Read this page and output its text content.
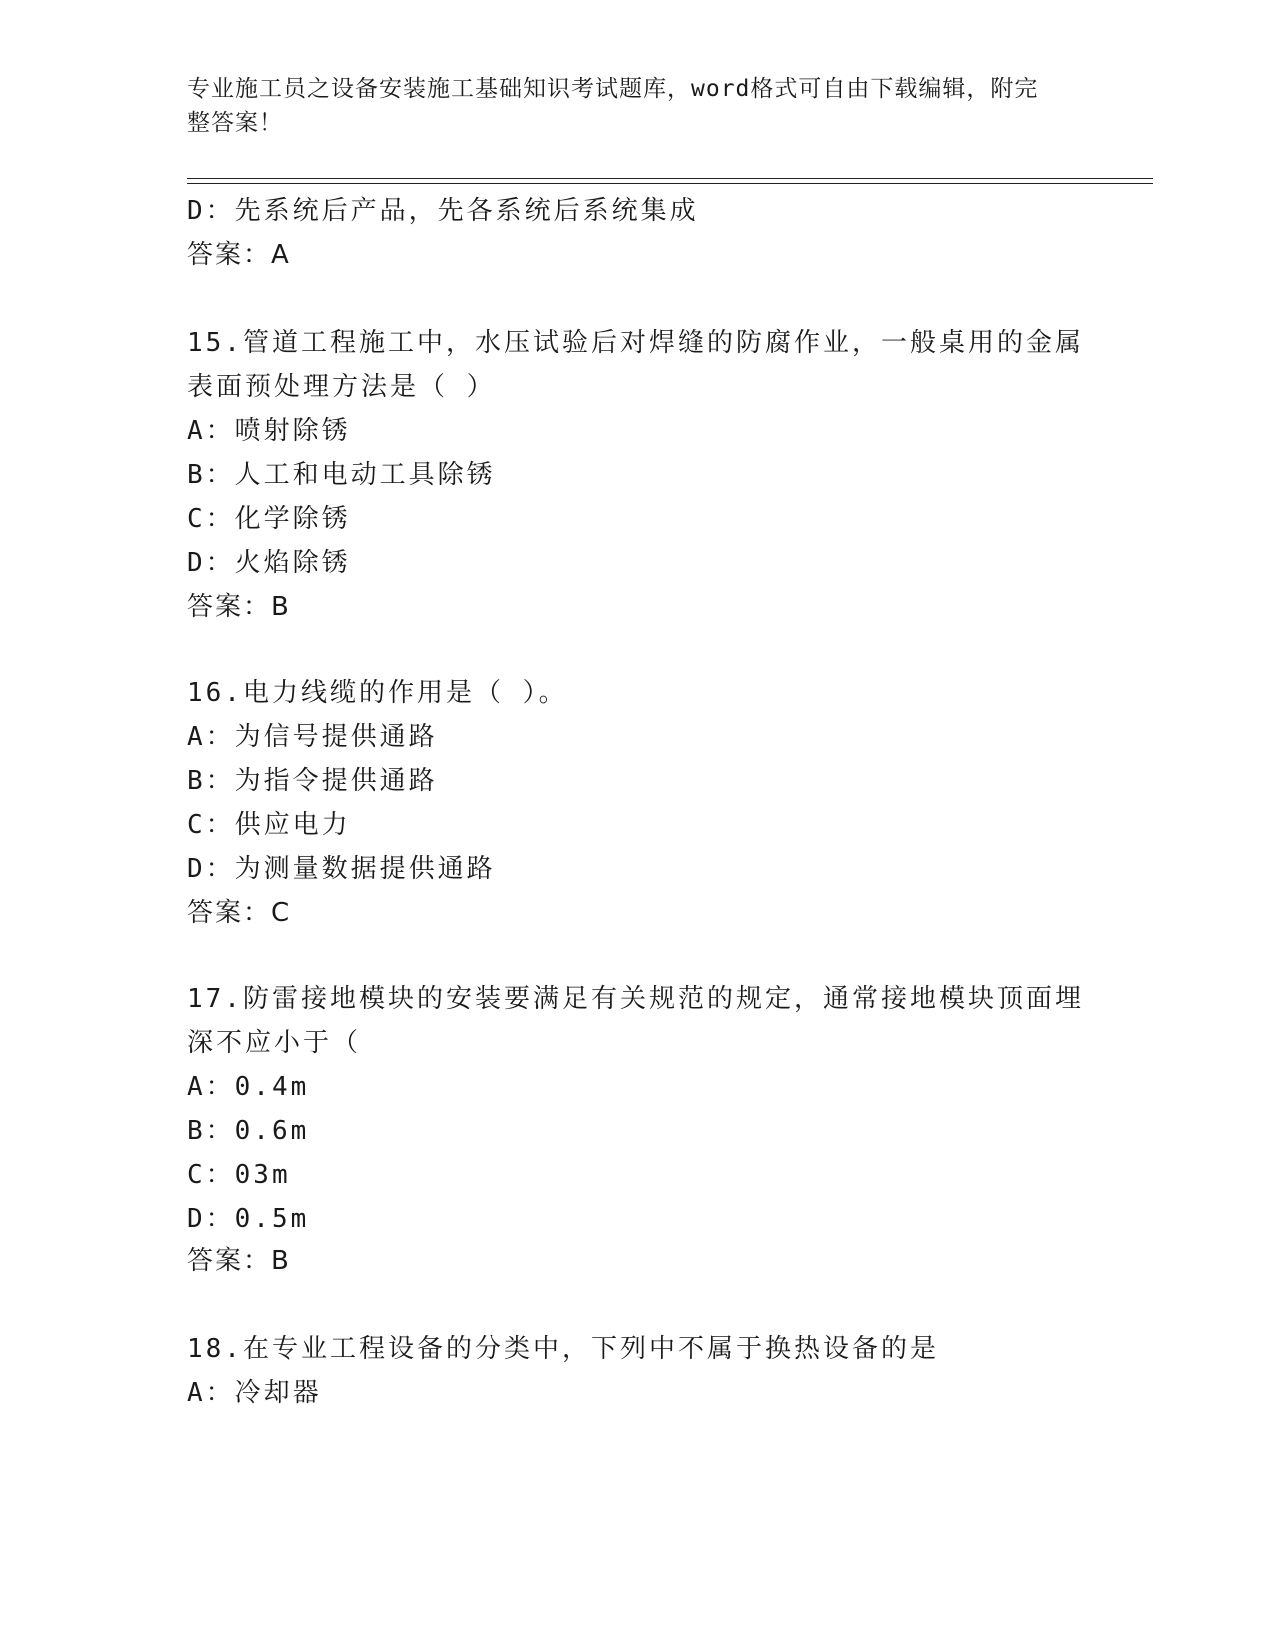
专业施工员之设备安装施工基础知识考试题库，word格式可自由下载编辑，附完
整答案！
D：先系统后产品，先各系统后系统集成
答案：A
15.管道工程施工中，水压试验后对焊缝的防腐作业，一般桌用的金属
表面预处理方法是（ ）
A：喷射除锈
B：人工和电动工具除锈
C：化学除锈
D：火焰除锈
答案：B
16.电力线缆的作用是（ ）。
A：为信号提供通路
B：为指令提供通路
C：供应电力
D：为测量数据提供通路
答案：C
17.防雷接地模块的安装要满足有关规范的规定，通常接地模块顶面埋
深不应小于（
A：0.4m
B：0.6m
C：03m
D：0.5m
答案：B
18.在专业工程设备的分类中，下列中不属于换热设备的是
A：冷却器
